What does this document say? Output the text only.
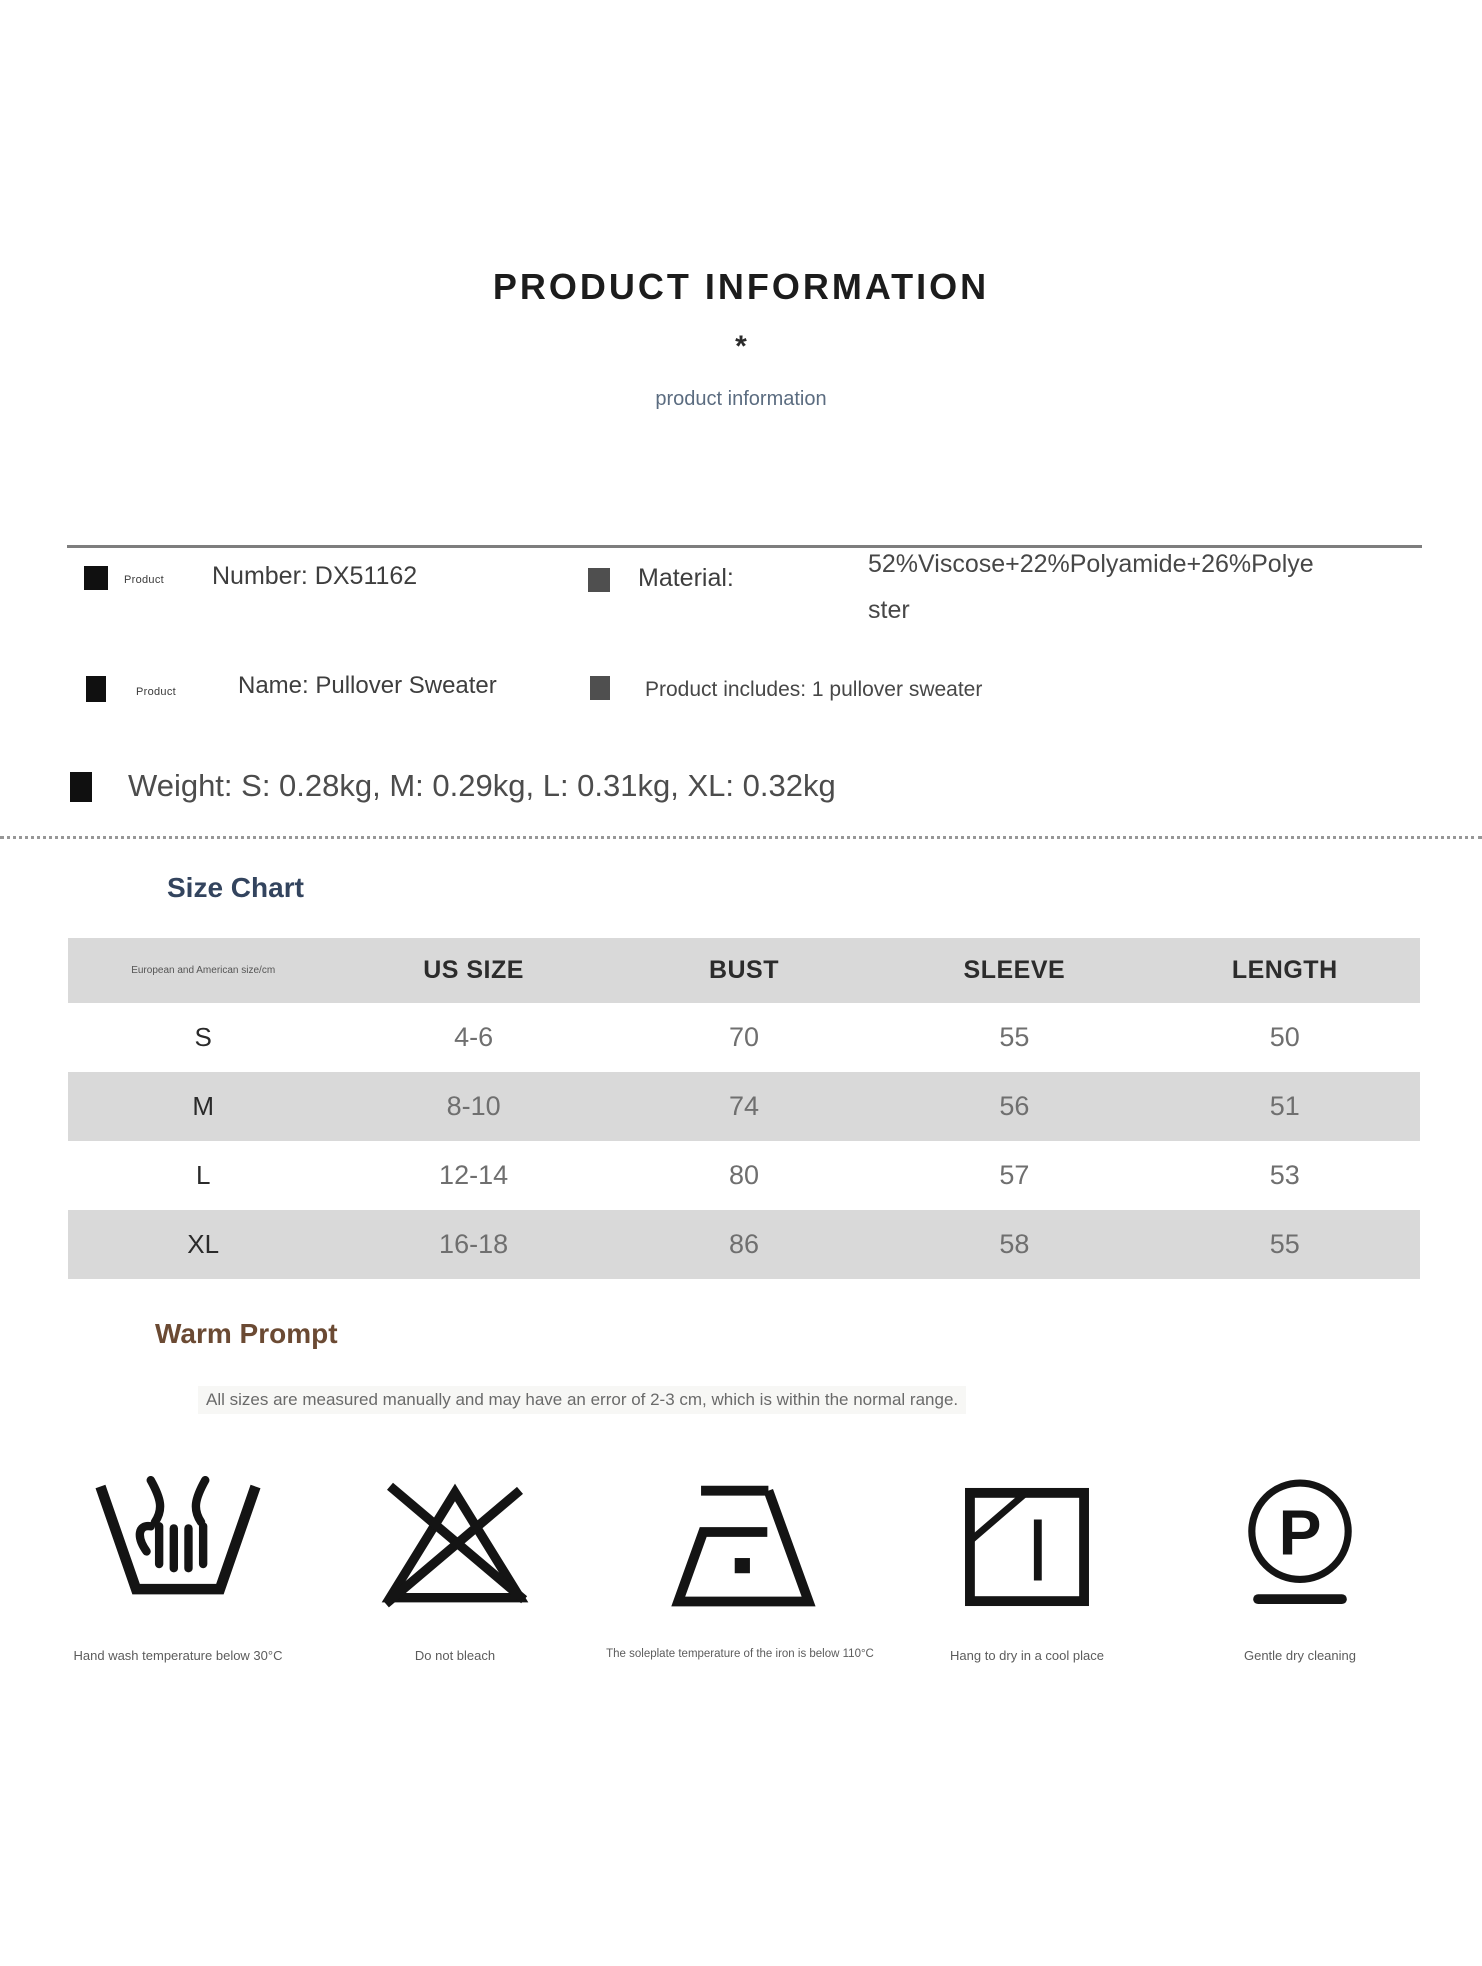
PRODUCT INFORMATION
*
product information
Product Number: DX51162	Material:	52%Viscose+22%Polyamide+26%Polye
ster
Product	Name: Pullover Sweater	Product includes: 1 pullover sweater
Weight: S: 0.28kg, M: 0.29kg, L: 0.31kg, XL: 0.32kg
Size Chart
European and American size/cm	US SIZE	BUST	SLEEVE	LENGTH
S	4-6	70	55	50
M	8-10	74	56	51
L	12-14	80	57	53
XL	16-18	86	58	55
Warm Prompt
All sizes are measured manually and may have an error of 2-3 cm, which is within the normal range.
P
Hand wash temperature below 30°C	Do not bleach	The soleplate temperature of the iron is below 110°C	Hang to dry in a cool place	Gentle dry cleaning
